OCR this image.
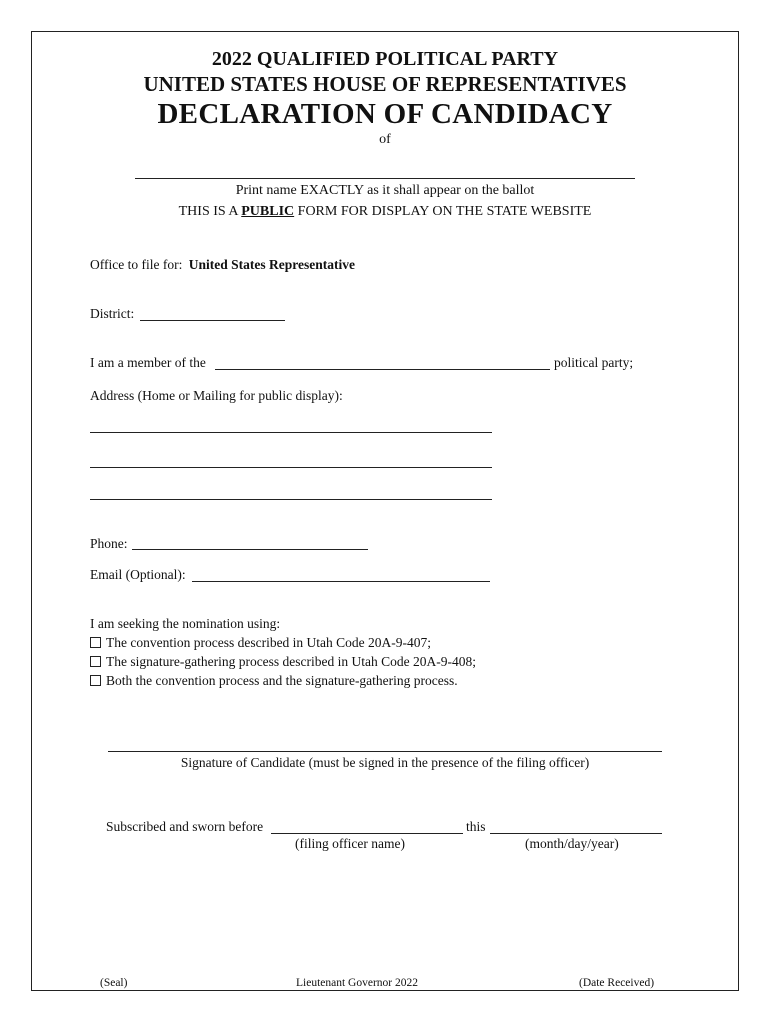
2022 QUALIFIED POLITICAL PARTY
UNITED STATES HOUSE OF REPRESENTATIVES
DECLARATION OF CANDIDACY
of
Print name EXACTLY as it shall appear on the ballot
THIS IS A PUBLIC FORM FOR DISPLAY ON THE STATE WEBSITE
Office to file for: United States Representative
District:
I am a member of the	political party;
Address (Home or Mailing for public display):
Phone:
Email (Optional):
I am seeking the nomination using:
The convention process described in Utah Code 20A-9-407;
The signature-gathering process described in Utah Code 20A-9-408;
Both the convention process and the signature-gathering process.
Signature of Candidate (must be signed in the presence of the filing officer)
Subscribed and sworn before	this
(filing officer name)	(month/day/year)
(Seal)	Lieutenant Governor 2022	(Date Received)
